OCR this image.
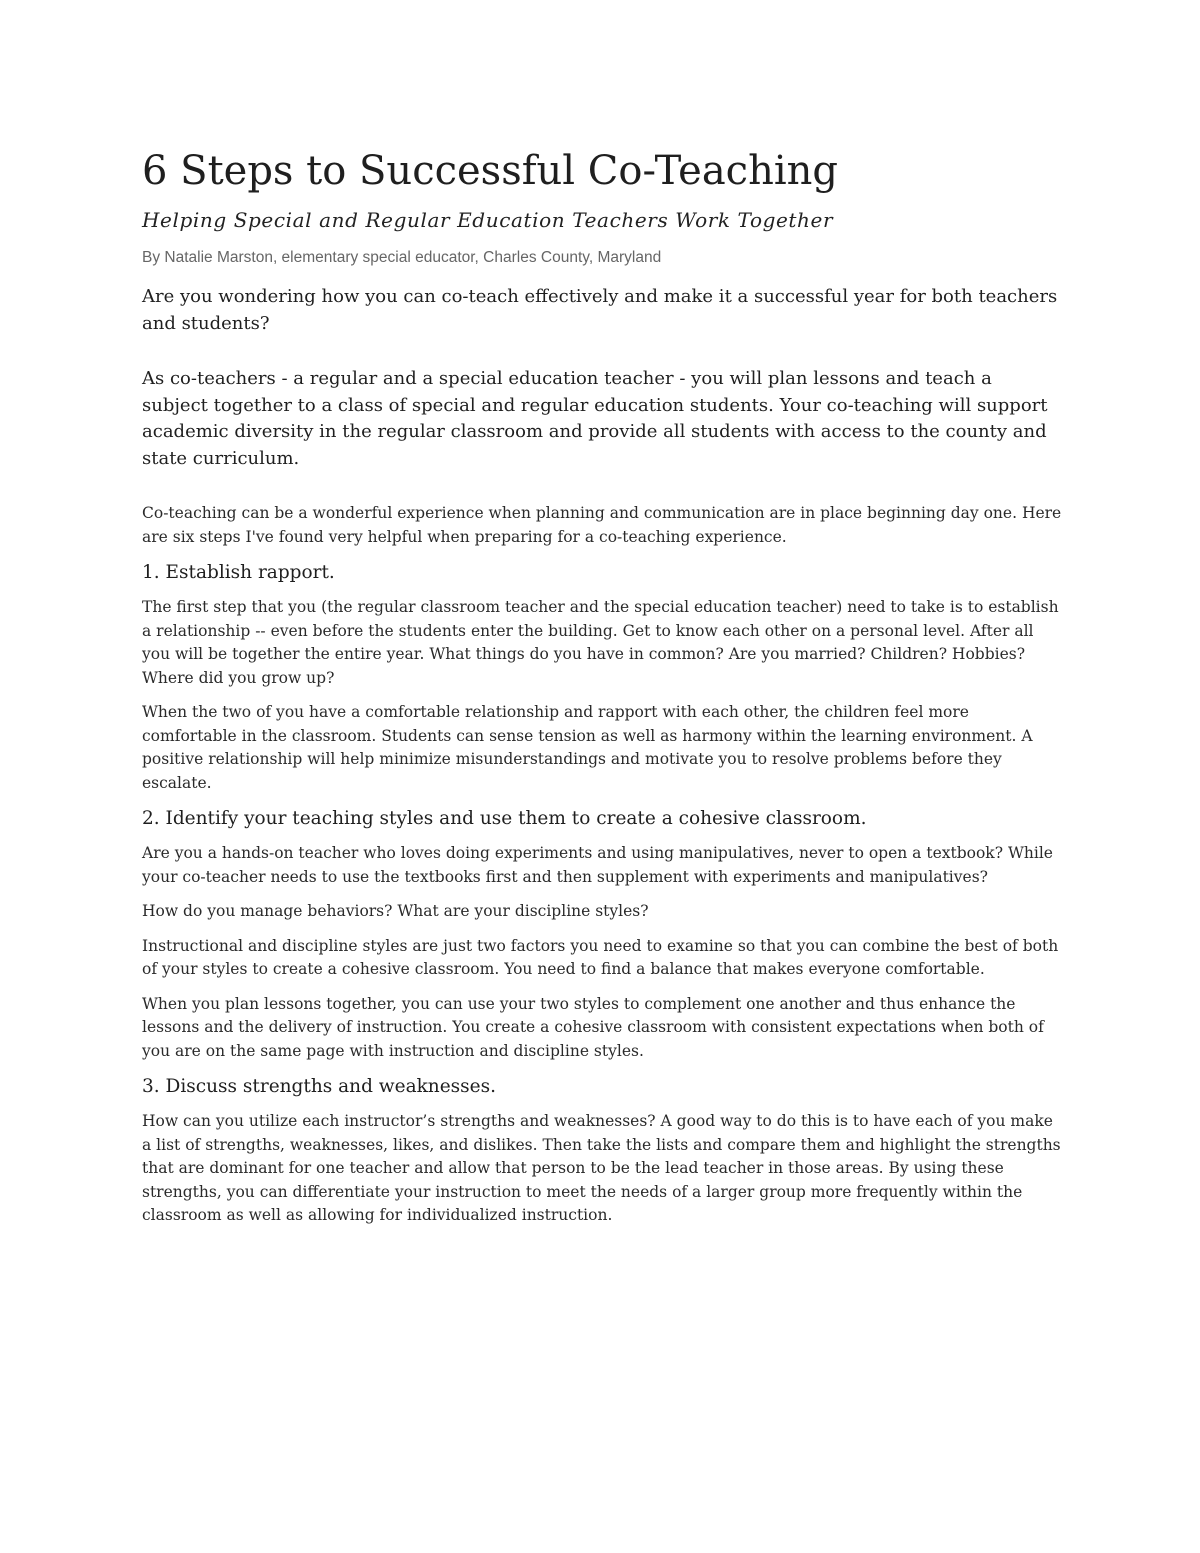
6 Steps to Successful Co-Teaching
Helping Special and Regular Education Teachers Work Together
By Natalie Marston, elementary special educator, Charles County, Maryland

Are you wondering how you can co-teach effectively and make it a successful year for both teachers and students?

As co-teachers - a regular and a special education teacher - you will plan lessons and teach a subject together to a class of special and regular education students. Your co-teaching will support academic diversity in the regular classroom and provide all students with access to the county and state curriculum.

Co-teaching can be a wonderful experience when planning and communication are in place beginning day one. Here are six steps I've found very helpful when preparing for a co-teaching experience.

1. Establish rapport.

The first step that you (the regular classroom teacher and the special education teacher) need to take is to establish a relationship -- even before the students enter the building. Get to know each other on a personal level. After all you will be together the entire year. What things do you have in common? Are you married? Children? Hobbies? Where did you grow up?

When the two of you have a comfortable relationship and rapport with each other, the children feel more comfortable in the classroom. Students can sense tension as well as harmony within the learning environment. A positive relationship will help minimize misunderstandings and motivate you to resolve problems before they escalate.

2. Identify your teaching styles and use them to create a cohesive classroom.

Are you a hands-on teacher who loves doing experiments and using manipulatives, never to open a textbook? While your co-teacher needs to use the textbooks first and then supplement with experiments and manipulatives?

How do you manage behaviors? What are your discipline styles?

Instructional and discipline styles are just two factors you need to examine so that you can combine the best of both of your styles to create a cohesive classroom. You need to find a balance that makes everyone comfortable.

When you plan lessons together, you can use your two styles to complement one another and thus enhance the lessons and the delivery of instruction. You create a cohesive classroom with consistent expectations when both of you are on the same page with instruction and discipline styles.

3. Discuss strengths and weaknesses.

How can you utilize each instructor’s strengths and weaknesses? A good way to do this is to have each of you make a list of strengths, weaknesses, likes, and dislikes. Then take the lists and compare them and highlight the strengths that are dominant for one teacher and allow that person to be the lead teacher in those areas. By using these strengths, you can differentiate your instruction to meet the needs of a larger group more frequently within the classroom as well as allowing for individualized instruction.
